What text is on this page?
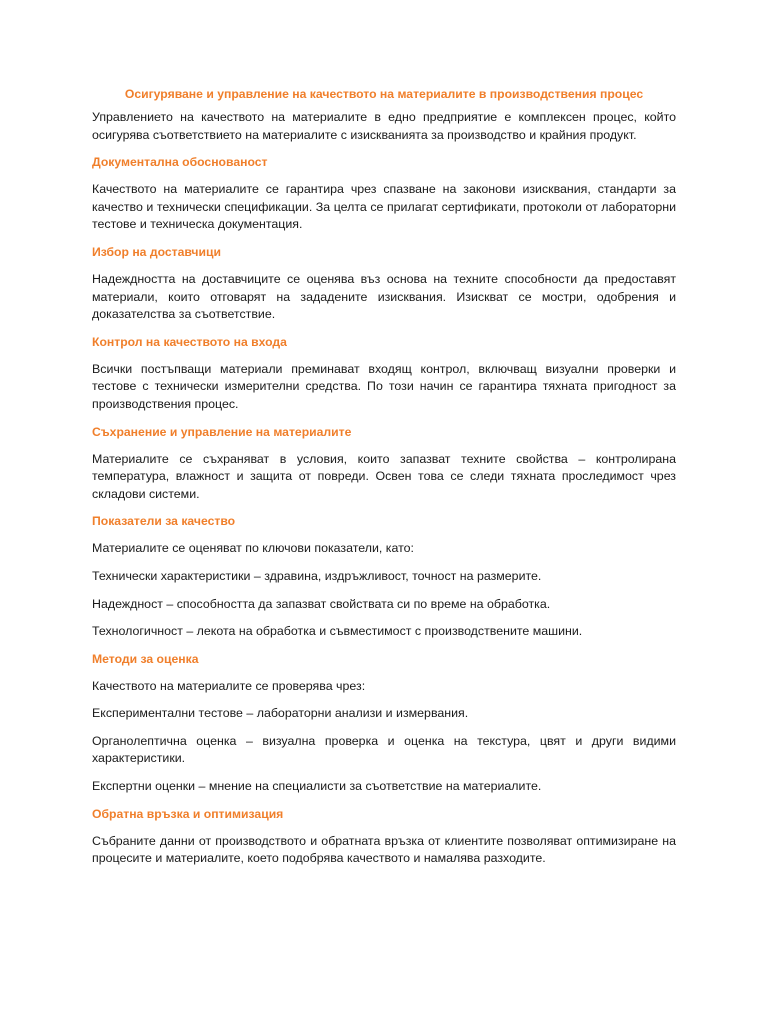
Осигуряване и управление на качеството на материалите в производствения процес

Управлението на качеството на материалите в едно предприятие е комплексен процес, който осигурява съответствието на материалите с изискванията за производство и крайния продукт.

Документална обоснованост

Качеството на материалите се гарантира чрез спазване на законови изисквания, стандарти за качество и технически спецификации. За целта се прилагат сертификати, протоколи от лабораторни тестове и техническа документация.

Избор на доставчици

Надеждността на доставчиците се оценява въз основа на техните способности да предоставят материали, които отговарят на зададените изисквания. Изискват се мостри, одобрения и доказателства за съответствие.

Контрол на качеството на входа

Всички постъпващи материали преминават входящ контрол, включващ визуални проверки и тестове с технически измерителни средства. По този начин се гарантира тяхната пригодност за производствения процес.

Съхранение и управление на материалите

Материалите се съхраняват в условия, които запазват техните свойства – контролирана температура, влажност и защита от повреди. Освен това се следи тяхната проследимост чрез складови системи.

Показатели за качество

Материалите се оценяват по ключови показатели, като:

Технически характеристики – здравина, издръжливост, точност на размерите.

Надеждност – способността да запазват свойствата си по време на обработка.

Технологичност – лекота на обработка и съвместимост с производствените машини.

Методи за оценка

Качеството на материалите се проверява чрез:

Експериментални тестове – лабораторни анализи и измервания.

Органолептична оценка – визуална проверка и оценка на текстура, цвят и други видими характеристики.

Експертни оценки – мнение на специалисти за съответствие на материалите.

Обратна връзка и оптимизация

Събраните данни от производството и обратната връзка от клиентите позволяват оптимизиране на процесите и материалите, което подобрява качеството и намалява разходите.
